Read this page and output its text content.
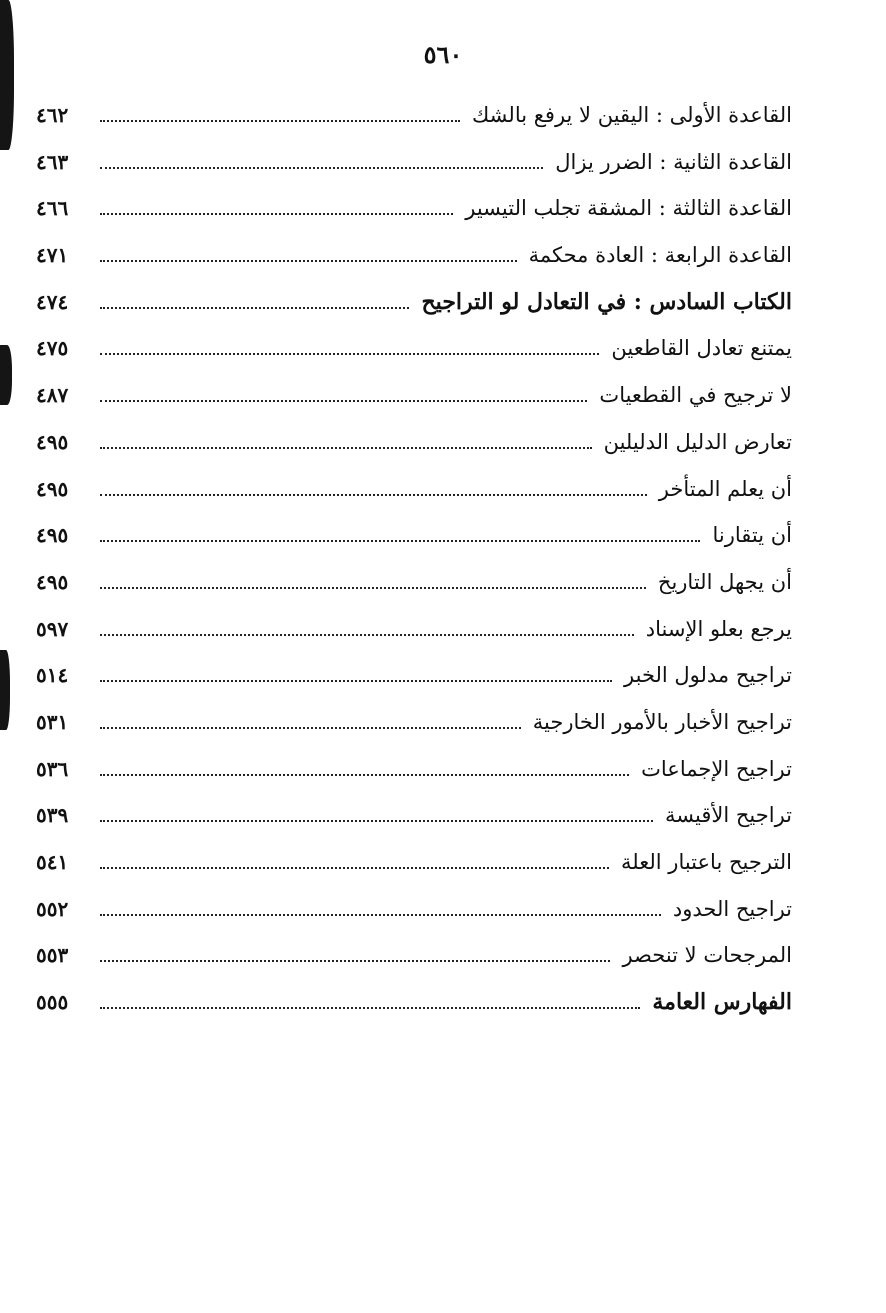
٥٦٠
القاعدة الأولى : اليقين لا يرفع بالشك
٤٦٢
القاعدة الثانية : الضرر يزال
٤٦٣
القاعدة الثالثة : المشقة تجلب التيسير
٤٦٦
القاعدة الرابعة : العادة محكمة
٤٧١
الكتاب السادس : في التعادل لو التراجيح
٤٧٤
يمتنع تعادل القاطعين
٤٧٥
لا ترجيح في القطعيات
٤٨٧
تعارض الدليل الدليلين
٤٩٥
أن يعلم المتأخر
٤٩٥
أن يتقارنا
٤٩٥
أن يجهل التاريخ
٤٩٥
يرجع بعلو الإسناد
٥٩٧
تراجيح مدلول الخبر
٥١٤
تراجيح الأخبار بالأمور الخارجية
٥٣١
تراجيح الإجماعات
٥٣٦
تراجيح الأقيسة
٥٣٩
الترجيح باعتبار العلة
٥٤١
تراجيح الحدود
٥٥٢
المرجحات لا تنحصر
٥٥٣
الفهارس العامة
٥٥٥
